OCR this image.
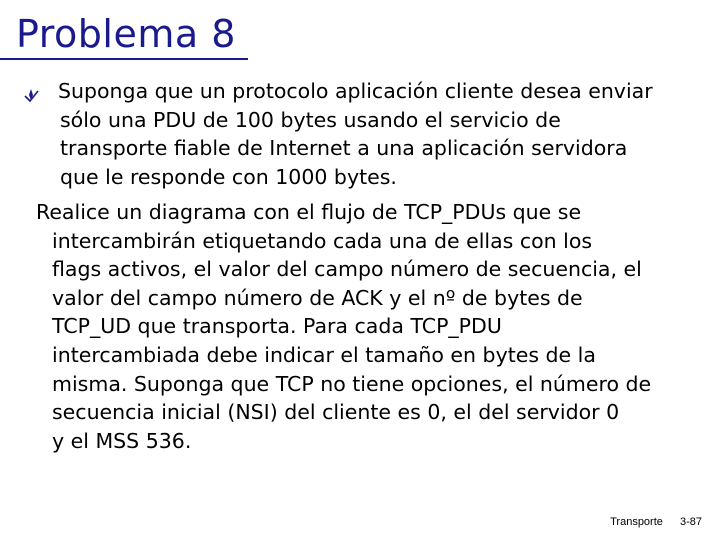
Problema 8
Suponga que un protocolo aplicación cliente desea enviar
sólo una PDU de 100 bytes usando el servicio de
transporte fiable de Internet a una aplicación servidora
que le responde con 1000 bytes.
Realice un diagrama con el flujo de TCP_PDUs que se
intercambirán etiquetando cada una de ellas con los
flags activos, el valor del campo número de secuencia, el
valor del campo número de ACK y el nº de bytes de
TCP_UD que transporta. Para cada TCP_PDU
intercambiada debe indicar el tamaño en bytes de la
misma. Suponga que TCP no tiene opciones, el número de
secuencia inicial (NSI) del cliente es 0, el del servidor 0
y el MSS 536.
Transporte 3-87
